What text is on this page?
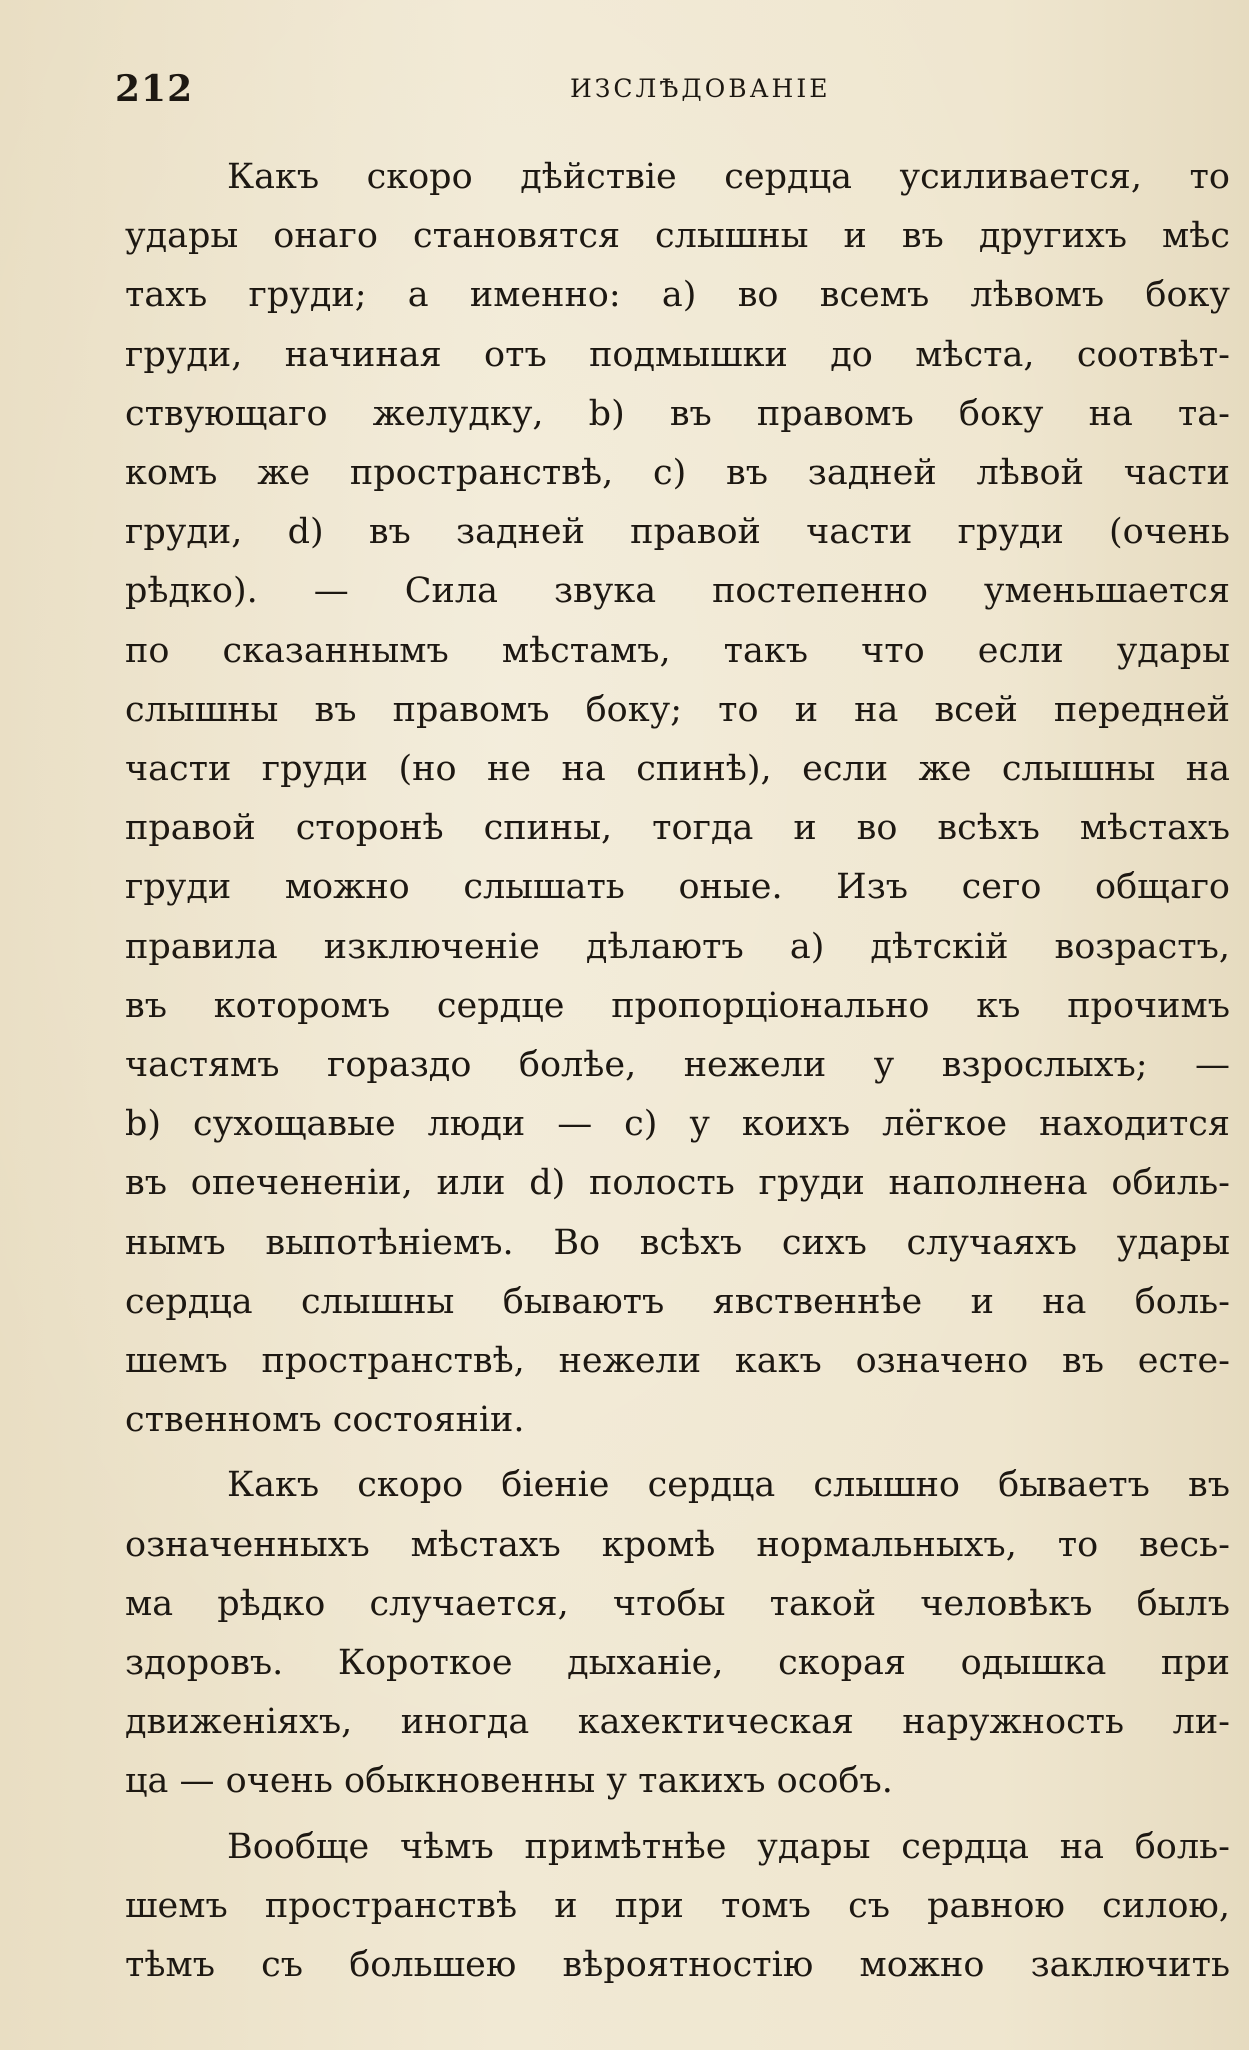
212	ИЗСЛѢДОВАНІЕ

Какъ скоро дѣйствіе сердца усиливается, то
удары онаго становятся слышны и въ другихъ мѣс
тахъ груди; а именно: a) во всемъ лѣвомъ боку
груди, начиная отъ подмышки до мѣста, соотвѣт-
ствующаго желудку, b) въ правомъ боку на та-
комъ же пространствѣ, c) въ задней лѣвой части
груди, d) въ задней правой части груди (очень
рѣдко). — Сила звука постепенно уменьшается
по сказаннымъ мѣстамъ, такъ что если удары
слышны въ правомъ боку; то и на всей передней
части груди (но не на спинѣ), если же слышны на
правой сторонѣ спины, тогда и во всѣхъ мѣстахъ
груди можно слышать оные. Изъ сего общаго
правила изключеніе дѣлаютъ a) дѣтскій возрастъ,
въ которомъ сердце пропорціонально къ прочимъ
частямъ гораздо болѣе, нежели у взрослыхъ; —
b) сухощавые люди — c) у коихъ лёгкое находится
въ опечененіи, или d) полость груди наполнена обиль-
нымъ выпотѣніемъ. Во всѣхъ сихъ случаяхъ удары
сердца слышны бываютъ явственнѣе и на боль-
шемъ пространствѣ, нежели какъ означено въ есте-
ственномъ состояніи.

Какъ скоро біеніе сердца слышно бываетъ въ
означенныхъ мѣстахъ кромѣ нормальныхъ, то весь-
ма рѣдко случается, чтобы такой человѣкъ былъ
здоровъ. Короткое дыханіе, скорая одышка при
движеніяхъ, иногда кахектическая наружность ли-
ца — очень обыкновенны у такихъ особъ.

Вообще чѣмъ примѣтнѣе удары сердца на боль-
шемъ пространствѣ и при томъ съ равною силою,
тѣмъ съ большею вѣроятностію можно заключить
